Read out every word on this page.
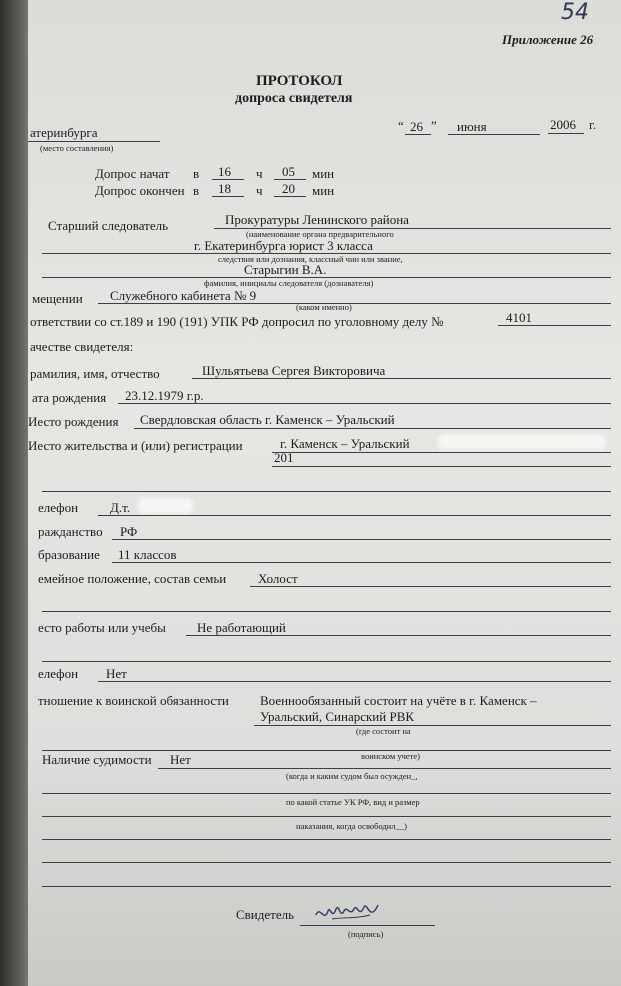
54
Приложение 26
ПРОТОКОЛ
допроса свидетеля
атеринбурга
(место составления)
“ 26 ” июня	2006 г.
Допрос начат в 16 ч 05 мин
Допрос окончен в 18 ч 20 мин
Старший следователь	Прокуратуры Ленинского района
(наименование органа предварительного
г. Екатеринбурга юрист 3 класса
следствия или дознания, классный чин или звание,
Старыгин В.А.
фамилия, инициалы следователя (дознавателя)
мещении Служебного кабинета № 9
(каком именно)
ответствии со ст.189 и 190 (191) УПК РФ допросил по уголовному делу №	4101
ачестве свидетеля:
рамилия, имя, отчество	Шульятьева Сергея Викторовича
ата рождения 23.12.1979 г.р.
Иесто рождения Свердловская область г. Каменск – Уральский
Иесто жительства и (или) регистрации	г. Каменск – Уральский
201
елефон Д.т.
ражданство РФ
бразование 11 классов
емейное положение, состав семьи Холост
есто работы или учебы Не работающий
елефон Нет
тношение к воинской обязанности Военнообязанный состоит на учёте в г. Каменск –
Уральский, Синарский РВК
(где состоит на
воинском учете)
Наличие судимости Нет
(когда и каким судом был осужден_,
по какой статье УК РФ, вид и размер
наказания, когда освободил__)
Свидетель
(подпись)
